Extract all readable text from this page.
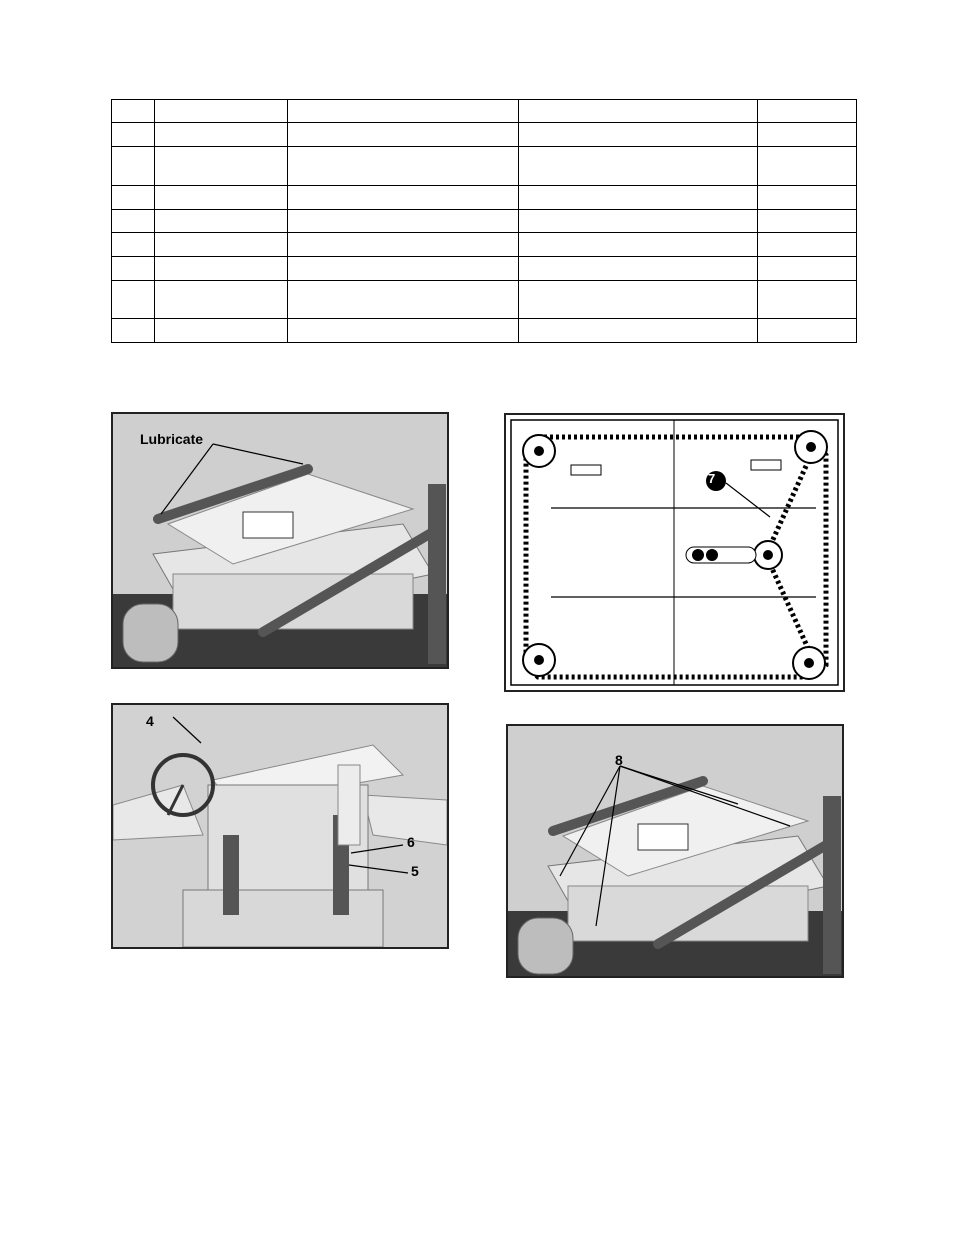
Lubricate
4
6
5
7
8
